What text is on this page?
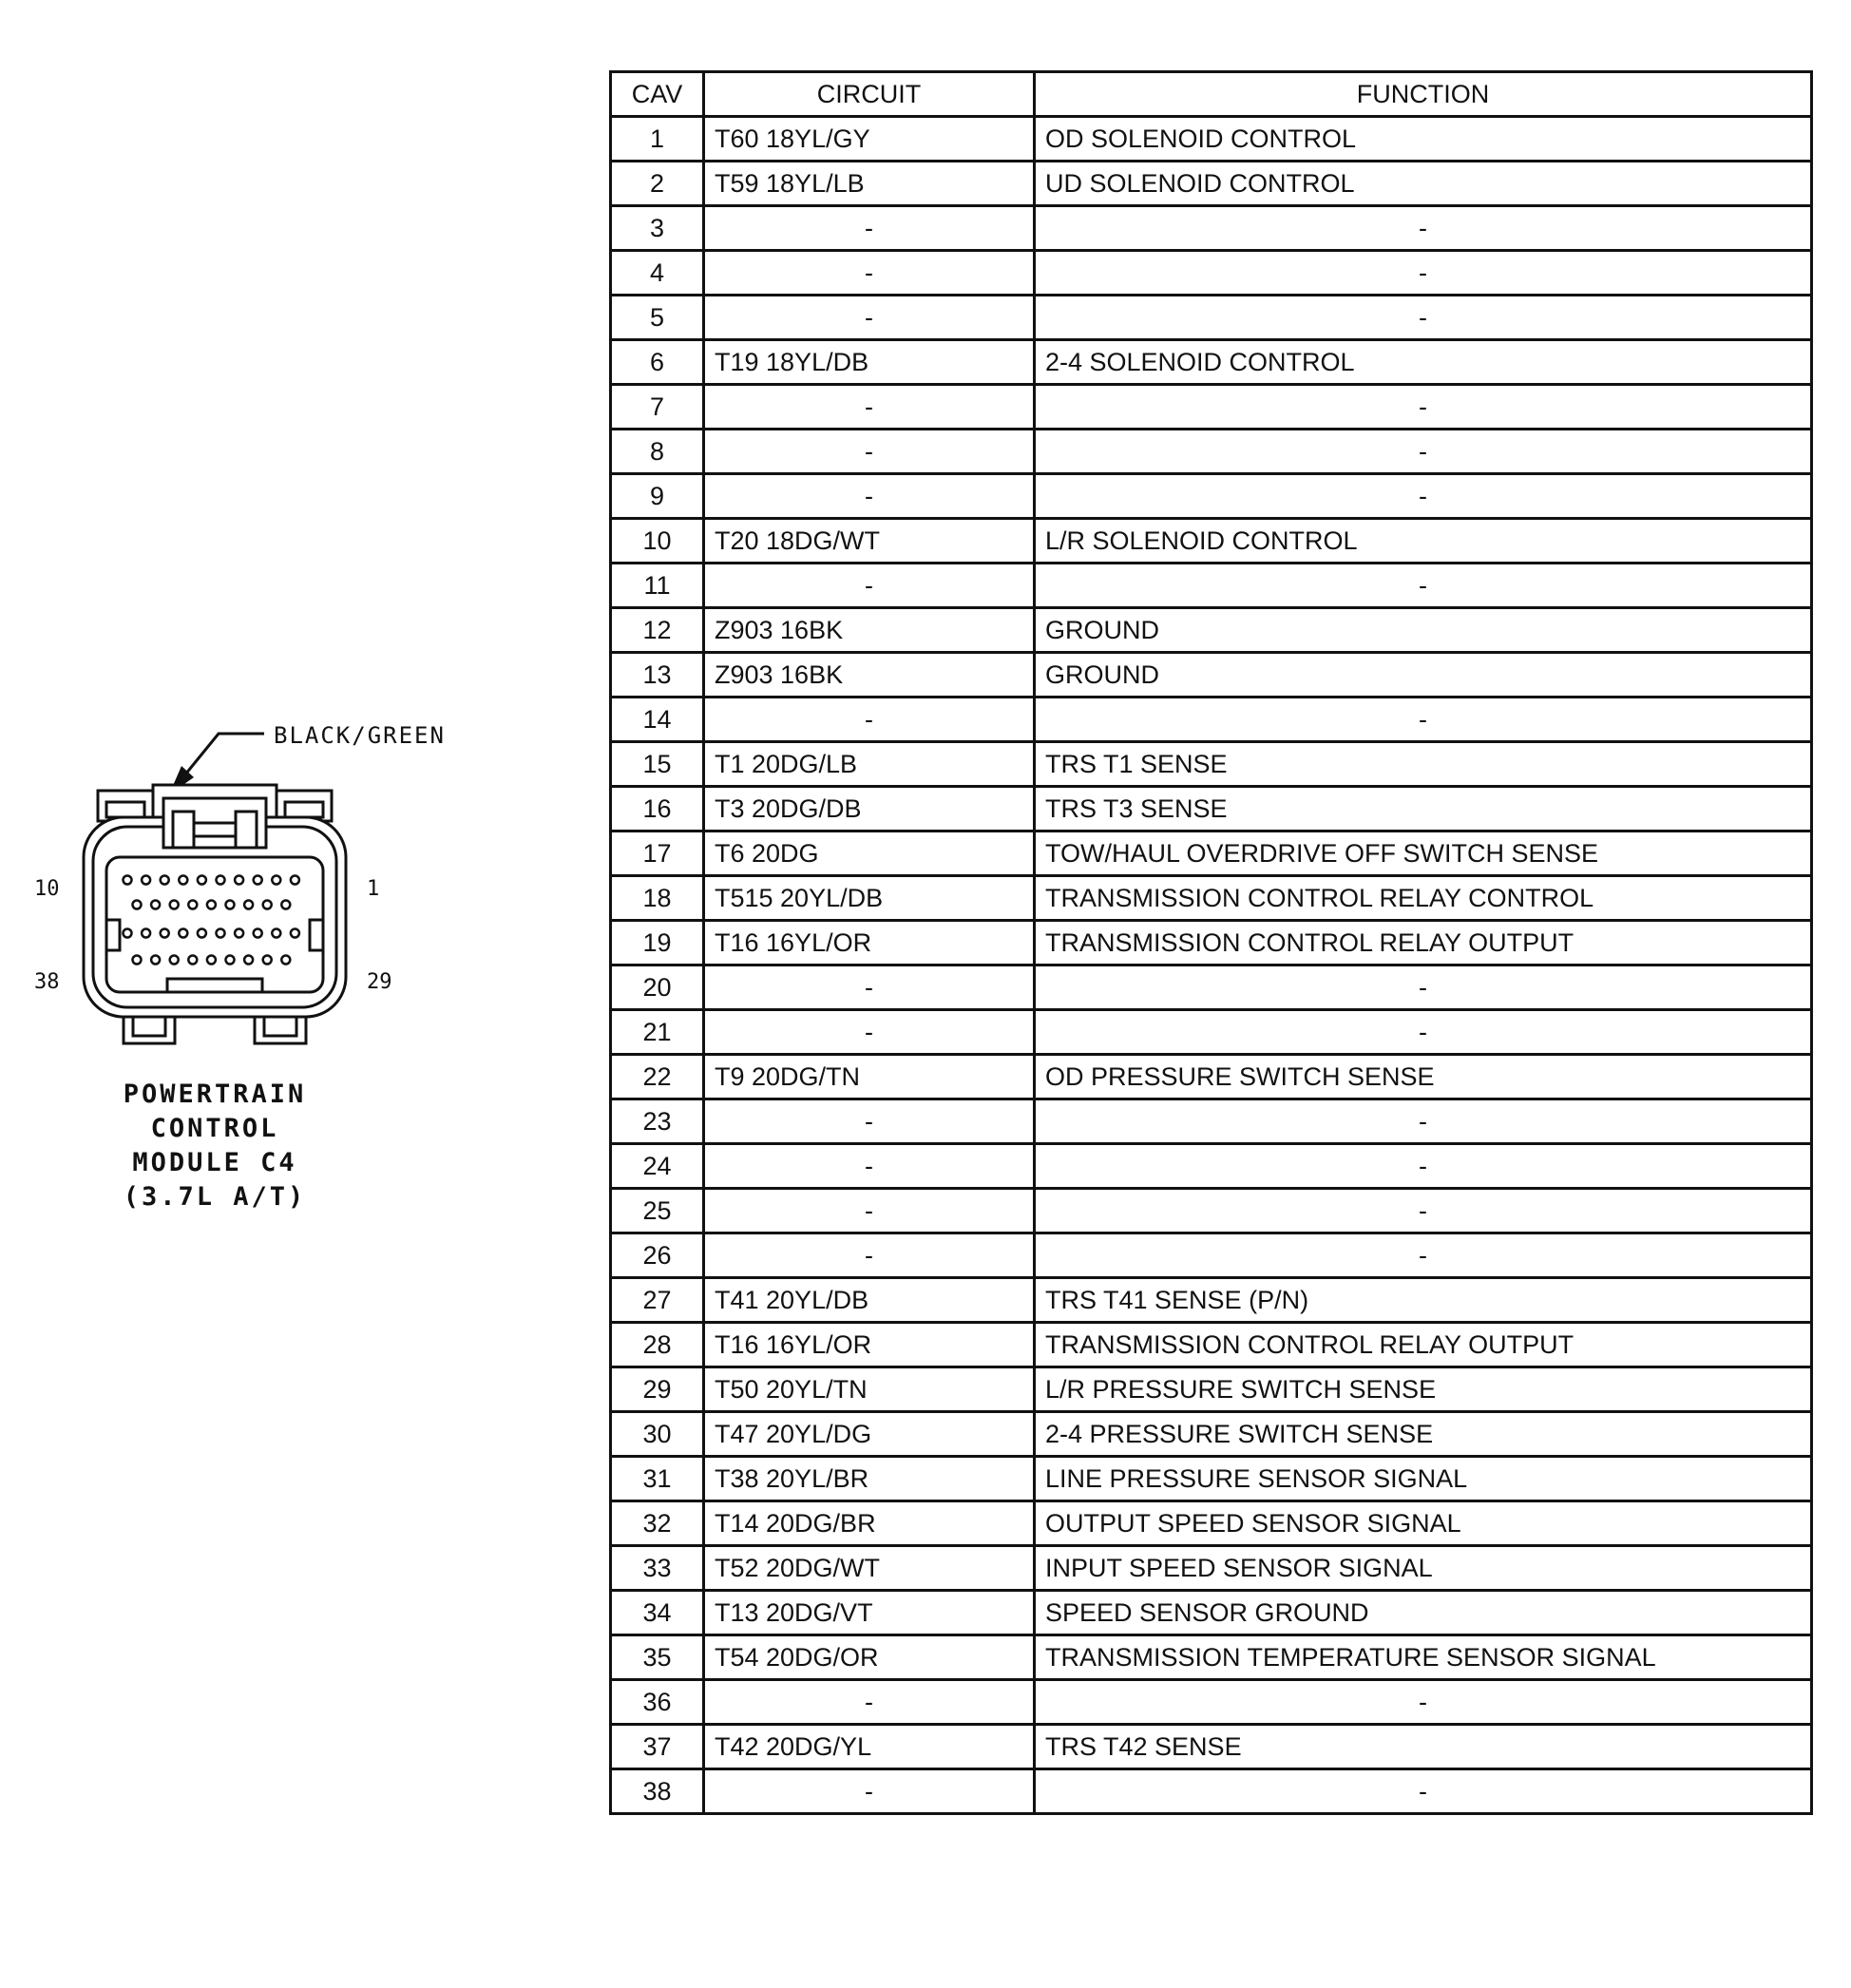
BLACK/GREEN
10	1
38	29
POWERTRAIN
CONTROL
MODULE C4
(3.7L A/T)
CAV	CIRCUIT	FUNCTION
1	T60 18YL/GY	OD SOLENOID CONTROL
2	T59 18YL/LB	UD SOLENOID CONTROL
3	-	-
4	-	-
5	-	-
6	T19 18YL/DB	2-4 SOLENOID CONTROL
7	-	-
8	-	-
9	-	-
10	T20 18DG/WT	L/R SOLENOID CONTROL
11	-	-
12	Z903 16BK	GROUND
13	Z903 16BK	GROUND
14	-	-
15	T1 20DG/LB	TRS T1 SENSE
16	T3 20DG/DB	TRS T3 SENSE
17	T6 20DG	TOW/HAUL OVERDRIVE OFF SWITCH SENSE
18	T515 20YL/DB	TRANSMISSION CONTROL RELAY CONTROL
19	T16 16YL/OR	TRANSMISSION CONTROL RELAY OUTPUT
20	-	-
21	-	-
22	T9 20DG/TN	OD PRESSURE SWITCH SENSE
23	-	-
24	-	-
25	-	-
26	-	-
27	T41 20YL/DB	TRS T41 SENSE (P/N)
28	T16 16YL/OR	TRANSMISSION CONTROL RELAY OUTPUT
29	T50 20YL/TN	L/R PRESSURE SWITCH SENSE
30	T47 20YL/DG	2-4 PRESSURE SWITCH SENSE
31	T38 20YL/BR	LINE PRESSURE SENSOR SIGNAL
32	T14 20DG/BR	OUTPUT SPEED SENSOR SIGNAL
33	T52 20DG/WT	INPUT SPEED SENSOR SIGNAL
34	T13 20DG/VT	SPEED SENSOR GROUND
35	T54 20DG/OR	TRANSMISSION TEMPERATURE SENSOR SIGNAL
36	-	-
37	T42 20DG/YL	TRS T42 SENSE
38	-	-
